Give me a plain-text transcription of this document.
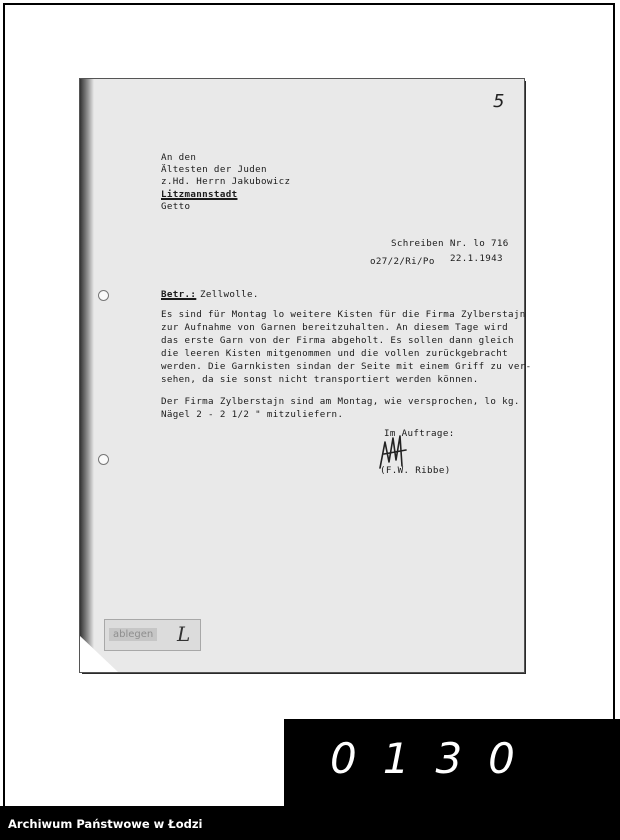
5
An den
Ältesten der Juden
z.Hd. Herrn Jakubowicz
Litzmannstadt
Getto
Schreiben Nr. lo 716
o27/2/Ri/Po 22.1.1943
Betr.: Zellwolle.
Es sind für Montag lo weitere Kisten für die Firma Zylberstajn
zur Aufnahme von Garnen bereitzuhalten. An diesem Tage wird
das erste Garn von der Firma abgeholt. Es sollen dann gleich
die leeren Kisten mitgenommen und die vollen zurückgebracht
werden. Die Garnkisten sindan der Seite mit einem Griff zu ver-
sehen, da sie sonst nicht transportiert werden können.
Der Firma Zylberstajn sind am Montag, wie versprochen, lo kg.
Nägel 2 - 2 1/2 " mitzuliefern.
Im Auftrage:
(F.W. Ribbe)
ablegen L
0130
Archiwum Państwowe w Łodzi
